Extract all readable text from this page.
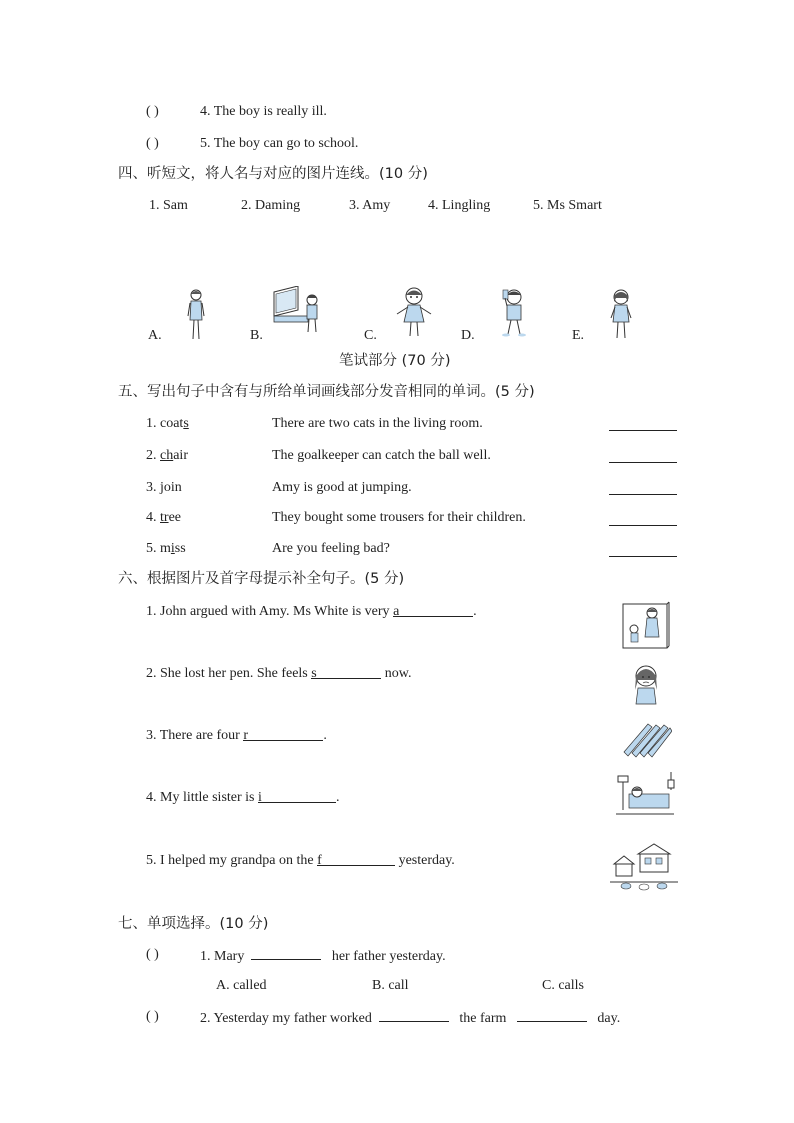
( )	4. The boy is really ill.
( )	5. The boy can go to school.
四、听短文，将人名与对应的图片连线。(10 分)
1. Sam	2. Daming	3. Amy	4. Lingling	5. Ms Smart
A.	B.	C.	D.	E.
笔试部分 (70 分)
五、写出句子中含有与所给单词画线部分发音相同的单词。(5 分)
1. coats	There are two cats in the living room.
2. chair	The goalkeeper can catch the ball well.
3. join	Amy is good at jumping.
4. tree	They bought some trousers for their children.
5. miss	Are you feeling bad?
六、根据图片及首字母提示补全句子。(5 分)
1. John argued with Amy. Ms White is very a	.
2. She lost her pen. She feels s	now.
3. There are four r	.
4. My little sister is i	.
5. I helped my grandpa on the f	yesterday.
七、单项选择。(10 分)
( )	1. Mary	her father yesterday.
A. called	B. call	C. calls
( )	2. Yesterday my father worked	the farm	day.
